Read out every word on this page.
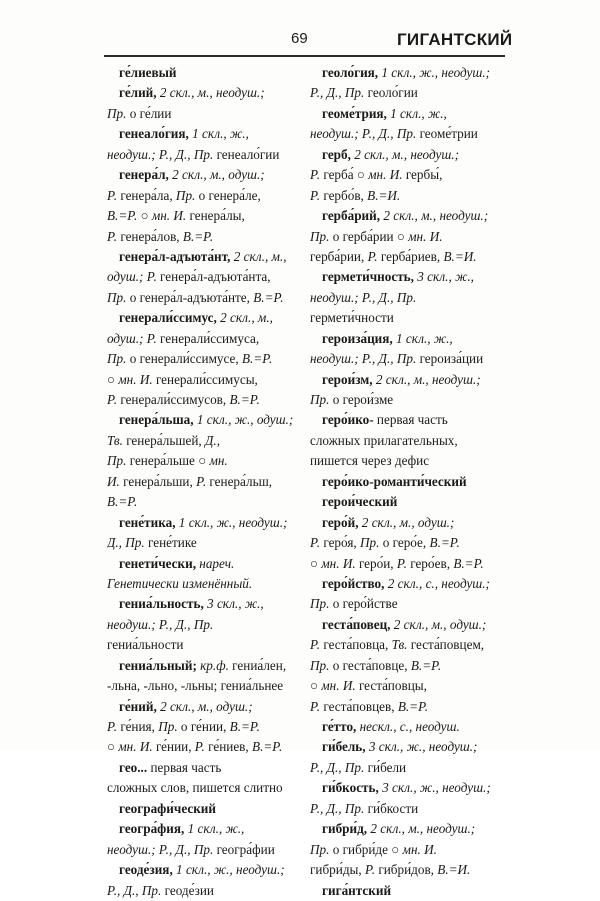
69	ГИГАНТСКИЙ
ге́лиевый
ге́лий, 2 скл., м., неодуш.;
Пр. о ге́лии
генеало́гия, 1 скл., ж.,
неодуш.; Р., Д., Пр. генеало́гии
генера́л, 2 скл., м., одуш.;
Р. генера́ла, Пр. о генера́ле,
В.=Р. ○ мн. И. генера́лы,
Р. генера́лов, В.=Р.
генера́л-адъюта́нт, 2 скл., м.,
одуш.; Р. генера́л-адъюта́нта,
Пр. о генера́л-адъюта́нте, В.=Р.
генерали́ссимус, 2 скл., м.,
одуш.; Р. генерали́ссимуса,
Пр. о генерали́ссимусе, В.=Р.
○ мн. И. генерали́ссимусы,
Р. генерали́ссимусов, В.=Р.
генера́льша, 1 скл., ж., одуш.;
Тв. генера́льшей, Д.,
Пр. генера́льше ○ мн.
И. генера́льши, Р. генера́льш,
В.=Р.
гене́тика, 1 скл., ж., неодуш.;
Д., Пр. гене́тике
генети́чески, нареч.
Генетически изменённый.
гениа́льность, 3 скл., ж.,
неодуш.; Р., Д., Пр.
гениа́льности
гениа́льный; кр.ф. гениа́лен,
-льна, -льно, -льны; гениа́льнее
ге́ний, 2 скл., м., одуш.;
Р. ге́ния, Пр. о ге́нии, В.=Р.
○ мн. И. ге́нии, Р. ге́ниев, В.=Р.
гео... первая часть
сложных слов, пишется слитно
географи́ческий
геогра́фия, 1 скл., ж.,
неодуш.; Р., Д., Пр. геогра́фии
геоде́зия, 1 скл., ж., неодуш.;
Р., Д., Пр. геоде́зии
геоло́гия, 1 скл., ж., неодуш.;
Р., Д., Пр. геоло́гии
геоме́трия, 1 скл., ж.,
неодуш.; Р., Д., Пр. геоме́трии
герб, 2 скл., м., неодуш.;
Р. герба́ ○ мн. И. гербы́,
Р. гербо́в, В.=И.
герба́рий, 2 скл., м., неодуш.;
Пр. о герба́рии ○ мн. И.
герба́рии, Р. герба́риев, В.=И.
гермети́чность, 3 скл., ж.,
неодуш.; Р., Д., Пр.
гермети́чности
героиза́ция, 1 скл., ж.,
неодуш.; Р., Д., Пр. героиза́ции
герои́зм, 2 скл., м., неодуш.;
Пр. о герои́зме
геро́ико- первая часть
сложных прилагательных,
пишется через дефис
геро́ико-романти́ческий
герои́ческий
геро́й, 2 скл., м., одуш.;
Р. геро́я, Пр. о геро́е, В.=Р.
○ мн. И. геро́и, Р. геро́ев, В.=Р.
геро́йство, 2 скл., с., неодуш.;
Пр. о геро́йстве
геста́повец, 2 скл., м., одуш.;
Р. геста́повца, Тв. геста́повцем,
Пр. о геста́повце, В.=Р.
○ мн. И. геста́повцы,
Р. геста́повцев, В.=Р.
ге́тто, нескл., с., неодуш.
ги́бель, 3 скл., ж., неодуш.;
Р., Д., Пр. ги́бели
ги́бкость, 3 скл., ж., неодуш.;
Р., Д., Пр. ги́бкости
гибри́д, 2 скл., м., неодуш.;
Пр. о гибри́де ○ мн. И.
гибри́ды, Р. гибри́дов, В.=И.
гига́нтский
